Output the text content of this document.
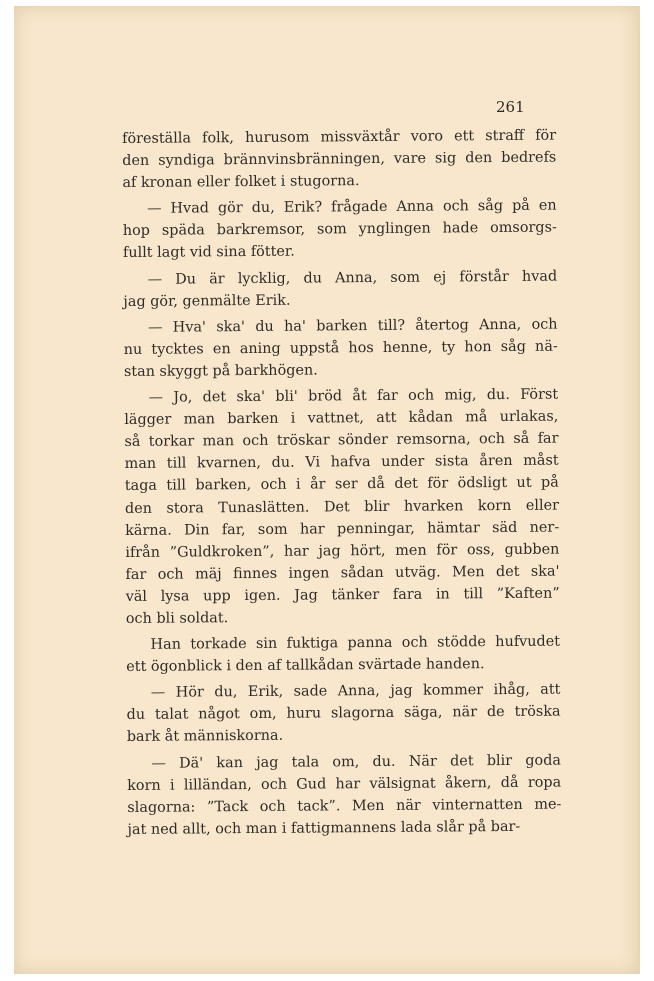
261
föreställa folk, hurusom missväxtår voro ett straff för
den syndiga brännvinsbränningen, vare sig den bedrefs
af kronan eller folket i stugorna.
— Hvad gör du, Erik? frågade Anna och såg på en
hop späda barkremsor, som ynglingen hade omsorgs-
fullt lagt vid sina fötter.
— Du är lycklig, du Anna, som ej förstår hvad
jag gör, genmälte Erik.
— Hva' ska' du ha' barken till? återtog Anna, och
nu tycktes en aning uppstå hos henne, ty hon såg nä-
stan skyggt på barkhögen.
— Jo, det ska' bli' bröd åt far och mig, du. Först
lägger man barken i vattnet, att kådan må urlakas,
så torkar man och tröskar sönder remsorna, och så far
man till kvarnen, du. Vi hafva under sista åren måst
taga till barken, och i år ser då det för ödsligt ut på
den stora Tunaslätten. Det blir hvarken korn eller
kärna. Din far, som har penningar, hämtar säd ner-
ifrån ”Guldkroken”, har jag hört, men för oss, gubben
far och mäj finnes ingen sådan utväg. Men det ska'
väl lysa upp igen. Jag tänker fara in till ”Kaften”
och bli soldat.
Han torkade sin fuktiga panna och stödde hufvudet
ett ögonblick i den af tallkådan svärtade handen.
— Hör du, Erik, sade Anna, jag kommer ihåg, att
du talat något om, huru slagorna säga, när de tröska
bark åt människorna.
— Dä' kan jag tala om, du. När det blir goda
korn i lilländan, och Gud har välsignat åkern, då ropa
slagorna: ”Tack och tack”. Men när vinternatten me-
jat ned allt, och man i fattigmannens lada slår på bar-
